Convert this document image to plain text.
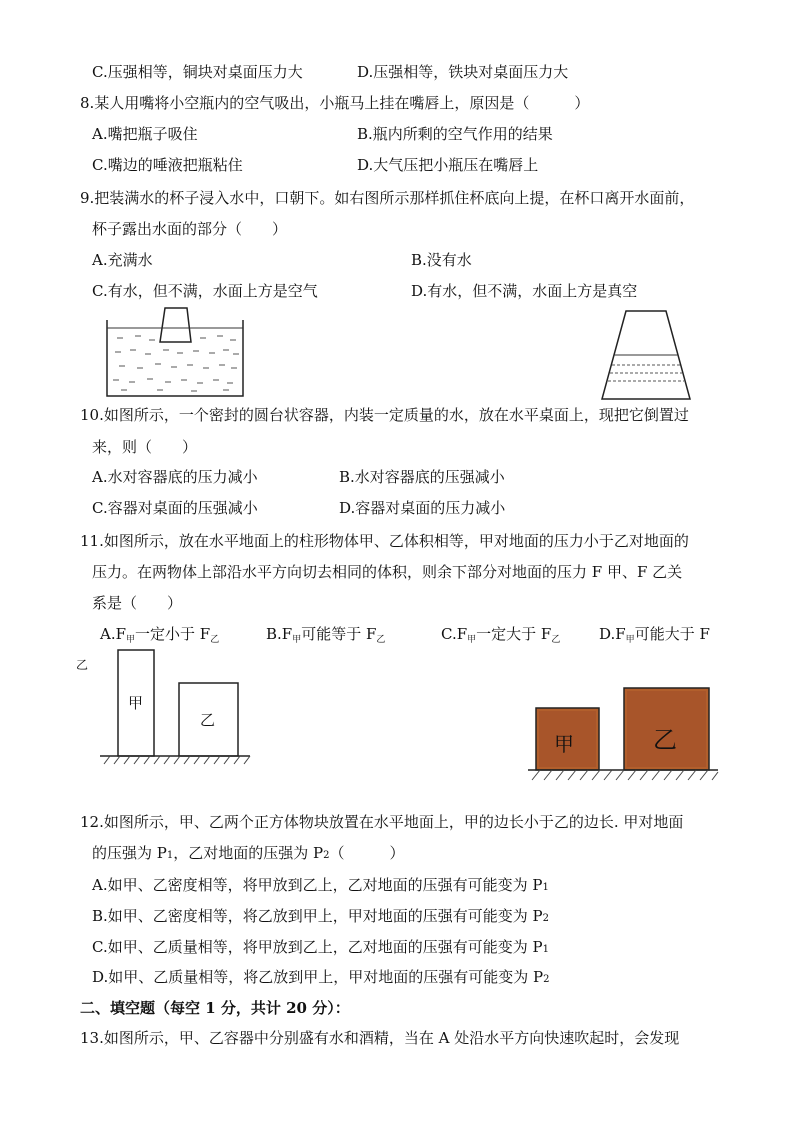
C.压强相等，铜块对桌面压力大	D.压强相等，铁块对桌面压力大
8.某人用嘴将小空瓶内的空气吸出，小瓶马上挂在嘴唇上，原因是（　　　）
A.嘴把瓶子吸住	B.瓶内所剩的空气作用的结果
C.嘴边的唾液把瓶粘住	D.大气压把小瓶压在嘴唇上
9.把装满水的杯子浸入水中，口朝下。如右图所示那样抓住杯底向上提，在杯口离开水面前，
杯子露出水面的部分（　　）
A.充满水	B.没有水
C.有水，但不满，水面上方是空气	D.有水，但不满，水面上方是真空
10.如图所示，一个密封的圆台状容器，内装一定质量的水，放在水平桌面上，现把它倒置过
来，则（　　）
A.水对容器底的压力减小	B.水对容器底的压强减小
C.容器对桌面的压强减小	D.容器对桌面的压力减小
11.如图所示，放在水平地面上的柱形物体甲、乙体积相等，甲对地面的压力小于乙对地面的
压力。在两物体上部沿水平方向切去相同的体积，则余下部分对地面的压力 F 甲、F 乙关
系是（　　）
$A.F_甲$一定小于 $F_乙$	$B.F_甲$可能等于 $F_乙$	$C.F_甲$一定大于 $F_乙$	$D.F_甲$可能大于 F
乙
甲
乙
甲	乙
12.如图所示，甲、乙两个正方体物块放置在水平地面上，甲的边长小于乙的边长. 甲对地面
的压强为 P1，乙对地面的压强为 P2（　　　）
A.如甲、乙密度相等，将甲放到乙上，乙对地面的压强有可能变为 P1
B.如甲、乙密度相等，将乙放到甲上，甲对地面的压强有可能变为 P2
C.如甲、乙质量相等，将甲放到乙上，乙对地面的压强有可能变为 P1
D.如甲、乙质量相等，将乙放到甲上，甲对地面的压强有可能变为 P2
二、填空题（每空 1 分，共计 20 分）：
13.如图所示，甲、乙容器中分别盛有水和酒精，当在 A 处沿水平方向快速吹起时，会发现
